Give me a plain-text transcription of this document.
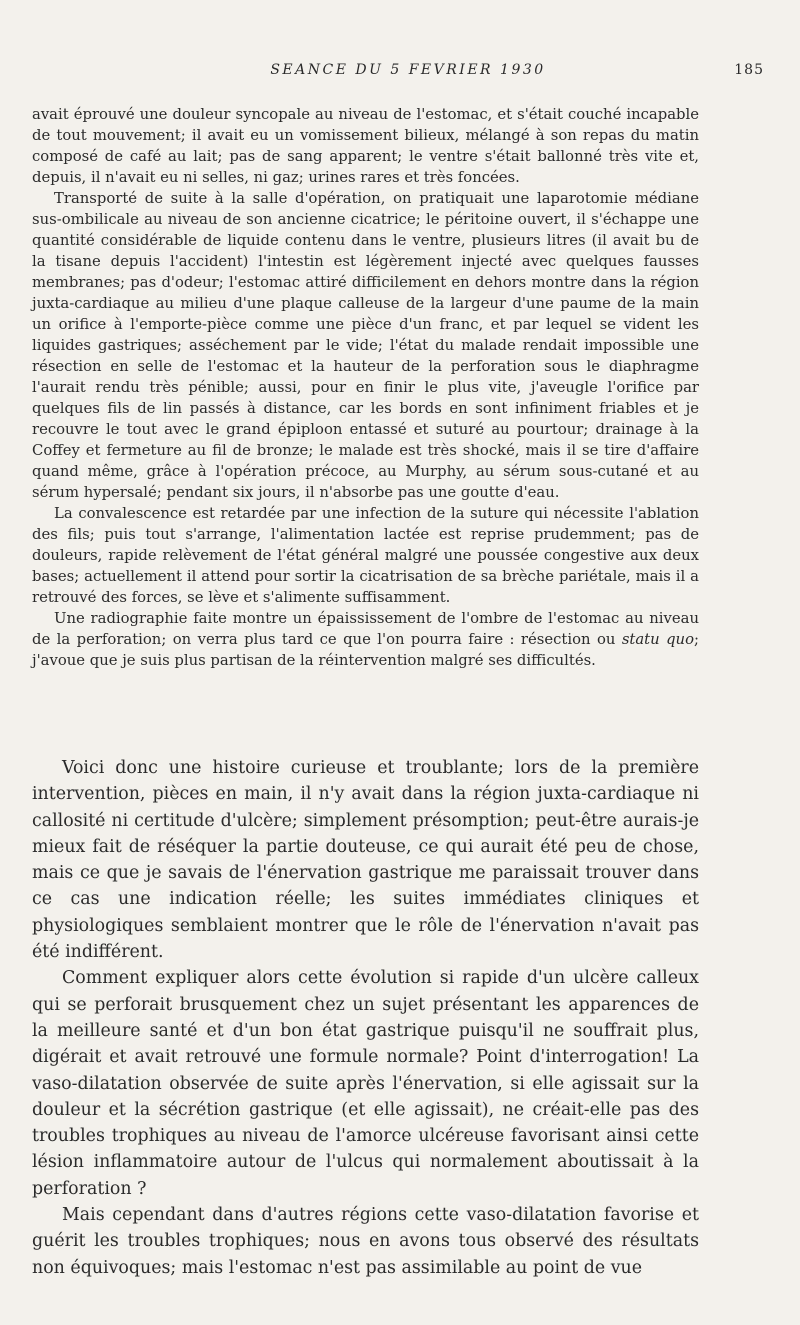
SEANCE DU 5 FEVRIER 1930	185

avait éprouvé une douleur syncopale au niveau de l'estomac, et s'était couché incapable de tout mouvement; il avait eu un vomissement bilieux, mélangé à son repas du matin composé de café au lait; pas de sang apparent; le ventre s'était ballonné très vite et, depuis, il n'avait eu ni selles, ni gaz; urines rares et très foncées.

Transporté de suite à la salle d'opération, on pratiquait une laparotomie médiane sus-ombilicale au niveau de son ancienne cicatrice; le péritoine ouvert, il s'échappe une quantité considérable de liquide contenu dans le ventre, plusieurs litres (il avait bu de la tisane depuis l'accident) l'intestin est légèrement injecté avec quelques fausses membranes; pas d'odeur; l'estomac attiré difficilement en dehors montre dans la région juxta-cardiaque au milieu d'une plaque calleuse de la largeur d'une paume de la main un orifice à l'emporte-pièce comme une pièce d'un franc, et par lequel se vident les liquides gastriques; asséchement par le vide; l'état du malade rendait impossible une résection en selle de l'estomac et la hauteur de la perforation sous le diaphragme l'aurait rendu très pénible; aussi, pour en finir le plus vite, j'aveugle l'orifice par quelques fils de lin passés à distance, car les bords en sont infiniment friables et je recouvre le tout avec le grand épiploon entassé et suturé au pourtour; drainage à la Coffey et fermeture au fil de bronze; le malade est très shocké, mais il se tire d'affaire quand même, grâce à l'opération précoce, au Murphy, au sérum sous-cutané et au sérum hypersalé; pendant six jours, il n'absorbe pas une goutte d'eau.

La convalescence est retardée par une infection de la suture qui nécessite l'ablation des fils; puis tout s'arrange, l'alimentation lactée est reprise prudemment; pas de douleurs, rapide relèvement de l'état général malgré une poussée congestive aux deux bases; actuellement il attend pour sortir la cicatrisation de sa brèche pariétale, mais il a retrouvé des forces, se lève et s'alimente suffisamment.

Une radiographie faite montre un épaississement de l'ombre de l'estomac au niveau de la perforation; on verra plus tard ce que l'on pourra faire : résection ou statu quo; j'avoue que je suis plus partisan de la réintervention malgré ses difficultés.

Voici donc une histoire curieuse et troublante; lors de la première intervention, pièces en main, il n'y avait dans la région juxta-cardiaque ni callosité ni certitude d'ulcère; simplement présomption; peut-être aurais-je mieux fait de réséquer la partie douteuse, ce qui aurait été peu de chose, mais ce que je savais de l'énervation gastrique me paraissait trouver dans ce cas une indication réelle; les suites immédiates cliniques et physiologiques semblaient montrer que le rôle de l'énervation n'avait pas été indifférent.

Comment expliquer alors cette évolution si rapide d'un ulcère calleux qui se perforait brusquement chez un sujet présentant les apparences de la meilleure santé et d'un bon état gastrique puisqu'il ne souffrait plus, digérait et avait retrouvé une formule normale? Point d'interrogation! La vaso-dilatation observée de suite après l'énervation, si elle agissait sur la douleur et la sécrétion gastrique (et elle agissait), ne créait-elle pas des troubles trophiques au niveau de l'amorce ulcéreuse favorisant ainsi cette lésion inflammatoire autour de l'ulcus qui normalement aboutissait à la perforation ?

Mais cependant dans d'autres régions cette vaso-dilatation favorise et guérit les troubles trophiques; nous en avons tous observé des résultats non équivoques; mais l'estomac n'est pas assimilable au point de vue
